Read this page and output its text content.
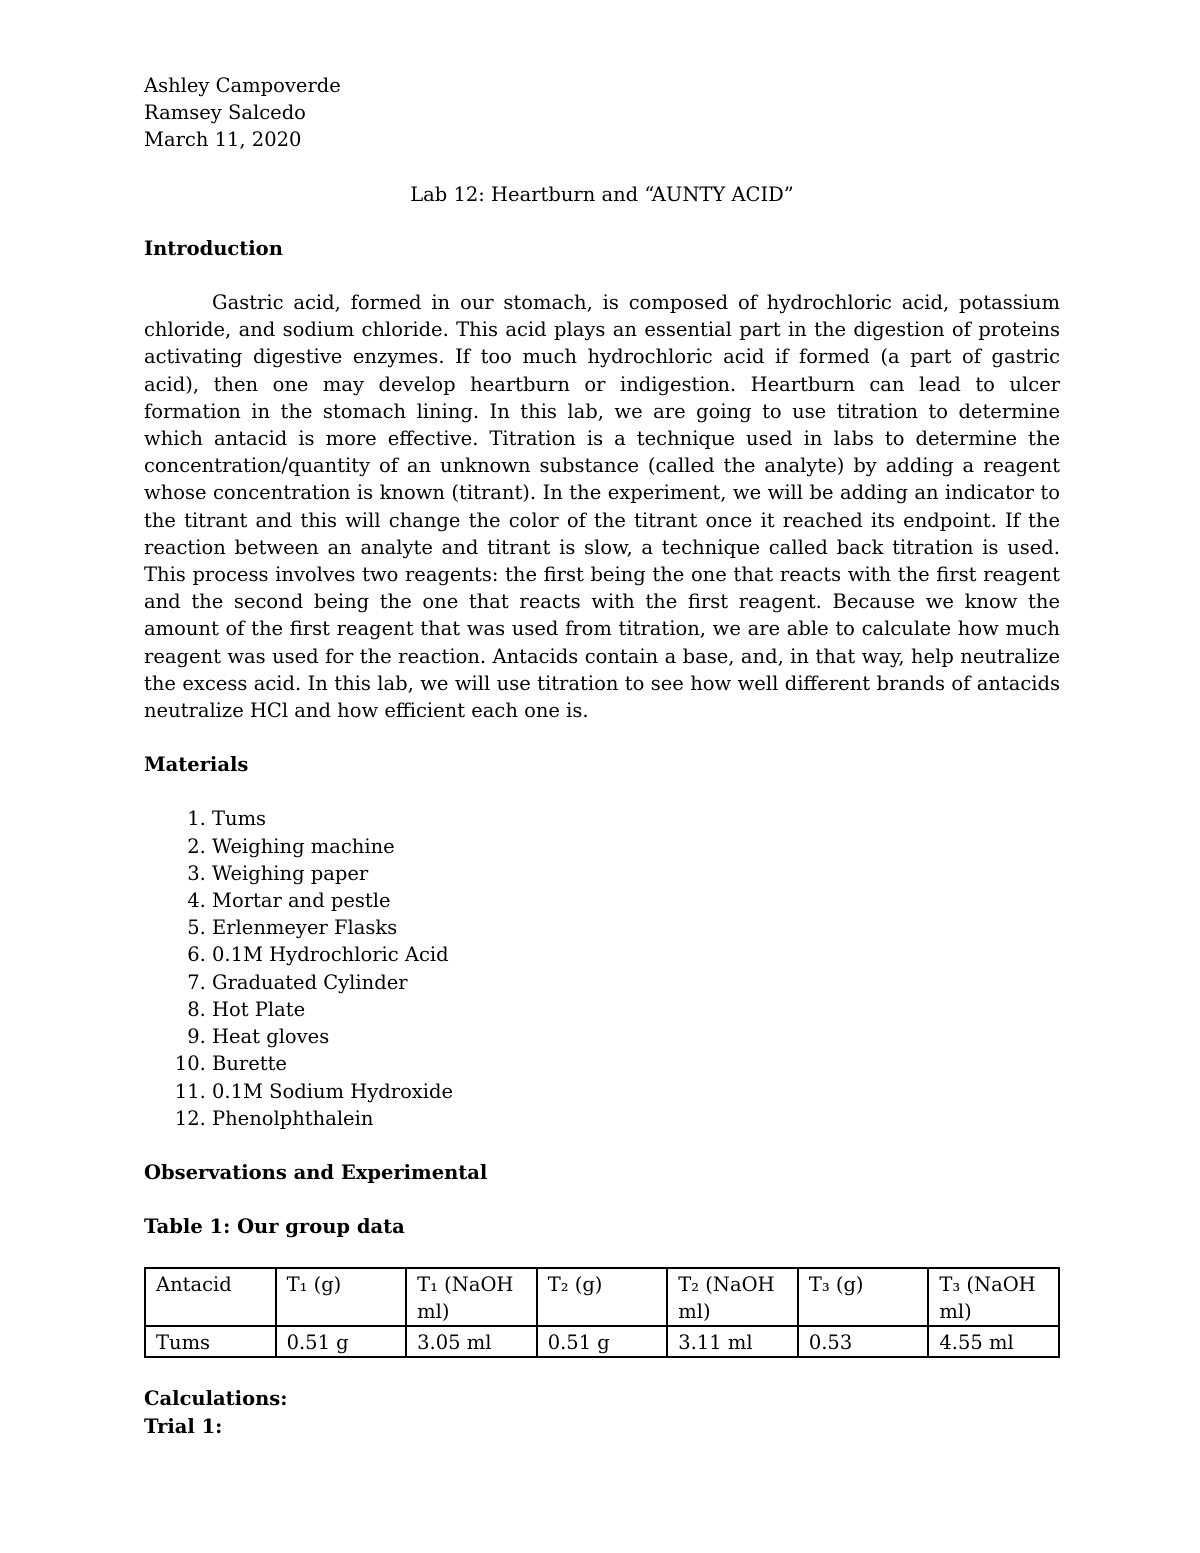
Ashley Campoverde

Ramsey Salcedo

March 11, 2020

Lab 12: Heartburn and “AUNTY ACID”

Introduction

Gastric acid, formed in our stomach, is composed of hydrochloric acid, potassium chloride, and sodium chloride. This acid plays an essential part in the digestion of proteins activating digestive enzymes. If too much hydrochloric acid if formed (a part of gastric acid), then one may develop heartburn or indigestion. Heartburn can lead to ulcer formation in the stomach lining. In this lab, we are going to use titration to determine which antacid is more effective. Titration is a technique used in labs to determine the concentration/quantity of an unknown substance (called the analyte) by adding a reagent whose concentration is known (titrant). In the experiment, we will be adding an indicator to the titrant and this will change the color of the titrant once it reached its endpoint. If the reaction between an analyte and titrant is slow, a technique called back titration is used. This process involves two reagents: the first being the one that reacts with the first reagent and the second being the one that reacts with the first reagent. Because we know the amount of the first reagent that was used from titration, we are able to calculate how much reagent was used for the reaction. Antacids contain a base, and, in that way, help neutralize the excess acid. In this lab, we will use titration to see how well different brands of antacids neutralize HCl and how efficient each one is.

Materials

1. Tums
2. Weighing machine
3. Weighing paper
4. Mortar and pestle
5. Erlenmeyer Flasks
6. 0.1M Hydrochloric Acid
7. Graduated Cylinder
8. Hot Plate
9. Heat gloves
10. Burette
11. 0.1M Sodium Hydroxide
12. Phenolphthalein

Observations and Experimental

Table 1: Our group data

Antacid	T₁ (g)	T₁ (NaOH ml)	T₂ (g)	T₂ (NaOH ml)	T₃ (g)	T₃ (NaOH ml)
Tums	0.51 g	3.05 ml	0.51 g	3.11 ml	0.53	4.55 ml

Calculations:

Trial 1:
